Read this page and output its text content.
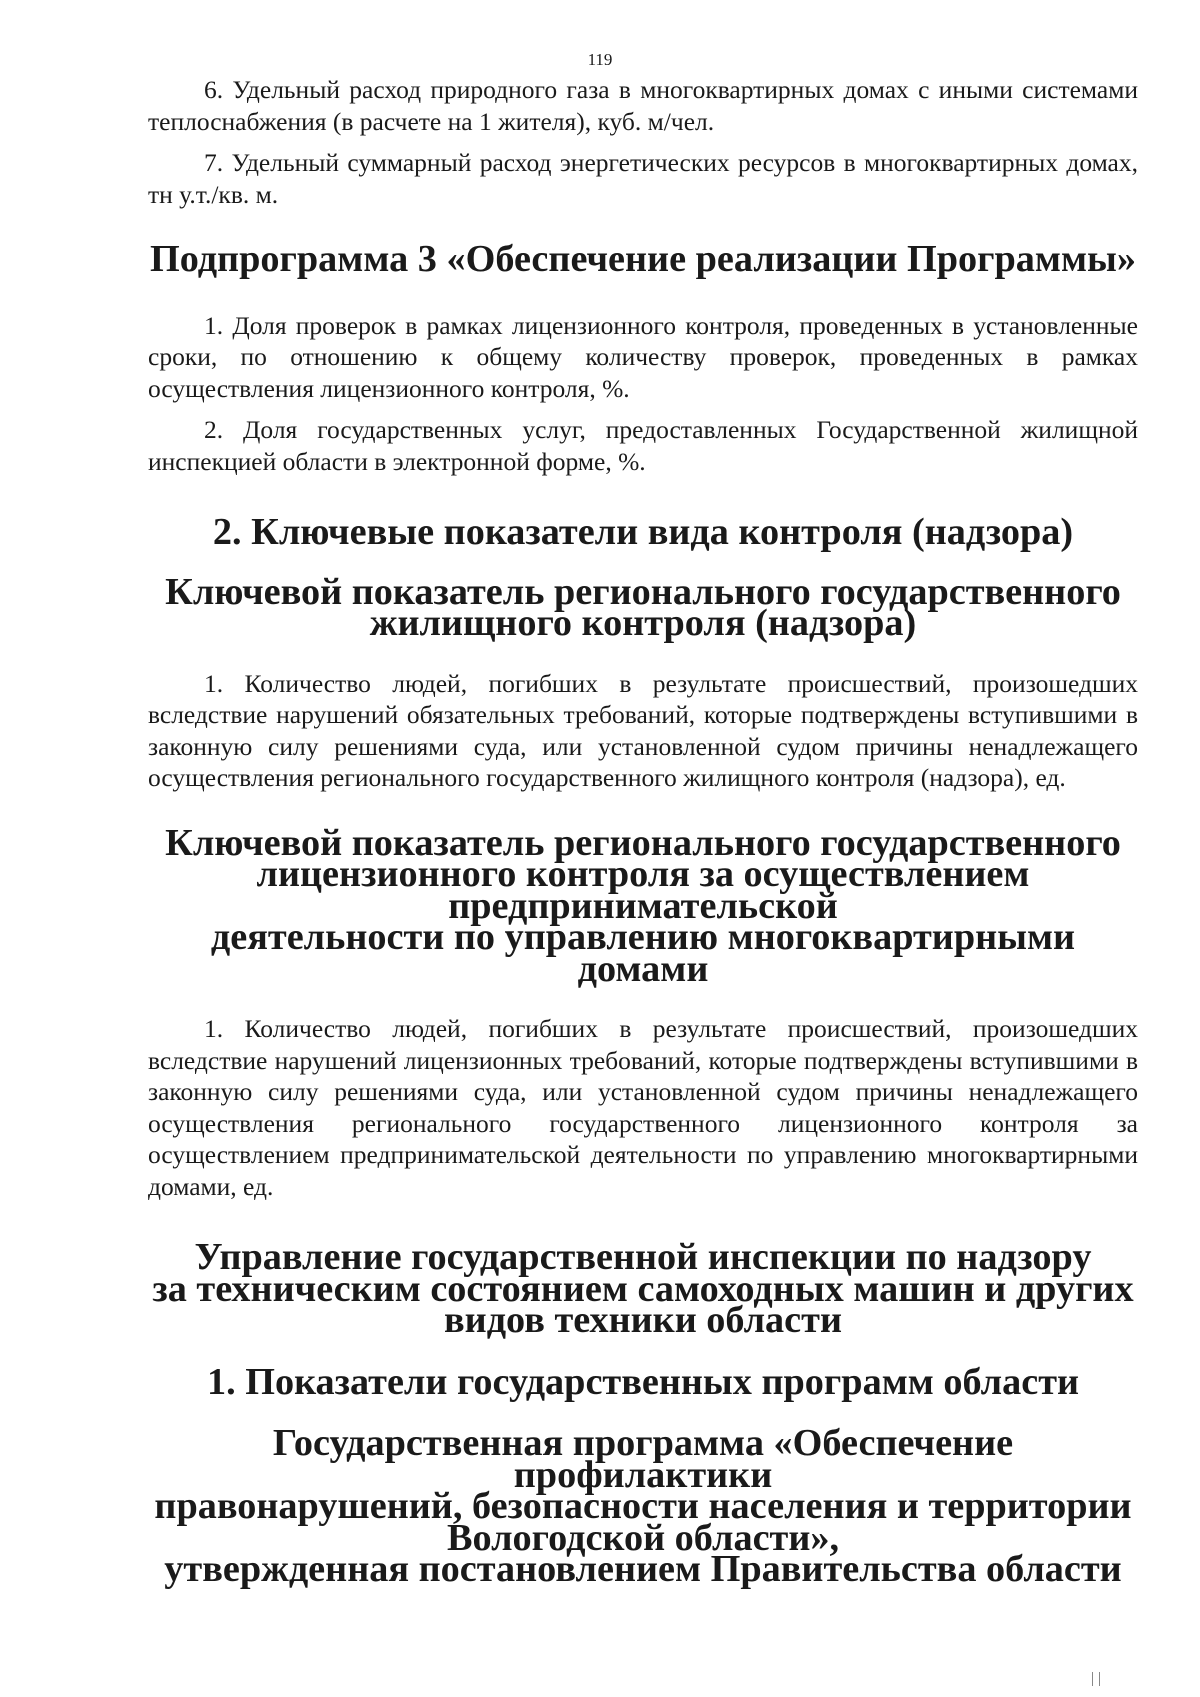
119

6. Удельный расход природного газа в многоквартирных домах с иными системами теплоснабжения (в расчете на 1 жителя), куб. м/чел.

7. Удельный суммарный расход энергетических ресурсов в многоквартирных домах, тн у.т./кв. м.

Подпрограмма 3 «Обеспечение реализации Программы»

1. Доля проверок в рамках лицензионного контроля, проведенных в установленные сроки, по отношению к общему количеству проверок, проведенных в рамках осуществления лицензионного контроля, %.

2. Доля государственных услуг, предоставленных Государственной жилищной инспекцией области в электронной форме, %.

2. Ключевые показатели вида контроля (надзора)
Ключевой показатель регионального государственного
жилищного контроля (надзора)

1. Количество людей, погибших в результате происшествий, произошедших вследствие нарушений обязательных требований, которые подтверждены вступившими в законную силу решениями суда, или установленной судом причины ненадлежащего осуществления регионального государственного жилищного контроля (надзора), ед.

Ключевой показатель регионального государственного
лицензионного контроля за осуществлением предпринимательской
деятельности по управлению многоквартирными домами

1. Количество людей, погибших в результате происшествий, произошедших вследствие нарушений лицензионных требований, которые подтверждены вступившими в законную силу решениями суда, или установленной судом причины ненадлежащего осуществления регионального государственного лицензионного контроля за осуществлением предпринимательской деятельности по управлению многоквартирными домами, ед.

Управление государственной инспекции по надзору
за техническим состоянием самоходных машин и других
видов техники области
1. Показатели государственных программ области
Государственная программа «Обеспечение профилактики
правонарушений, безопасности населения и территории
Вологодской области»,
утвержденная постановлением Правительства области
